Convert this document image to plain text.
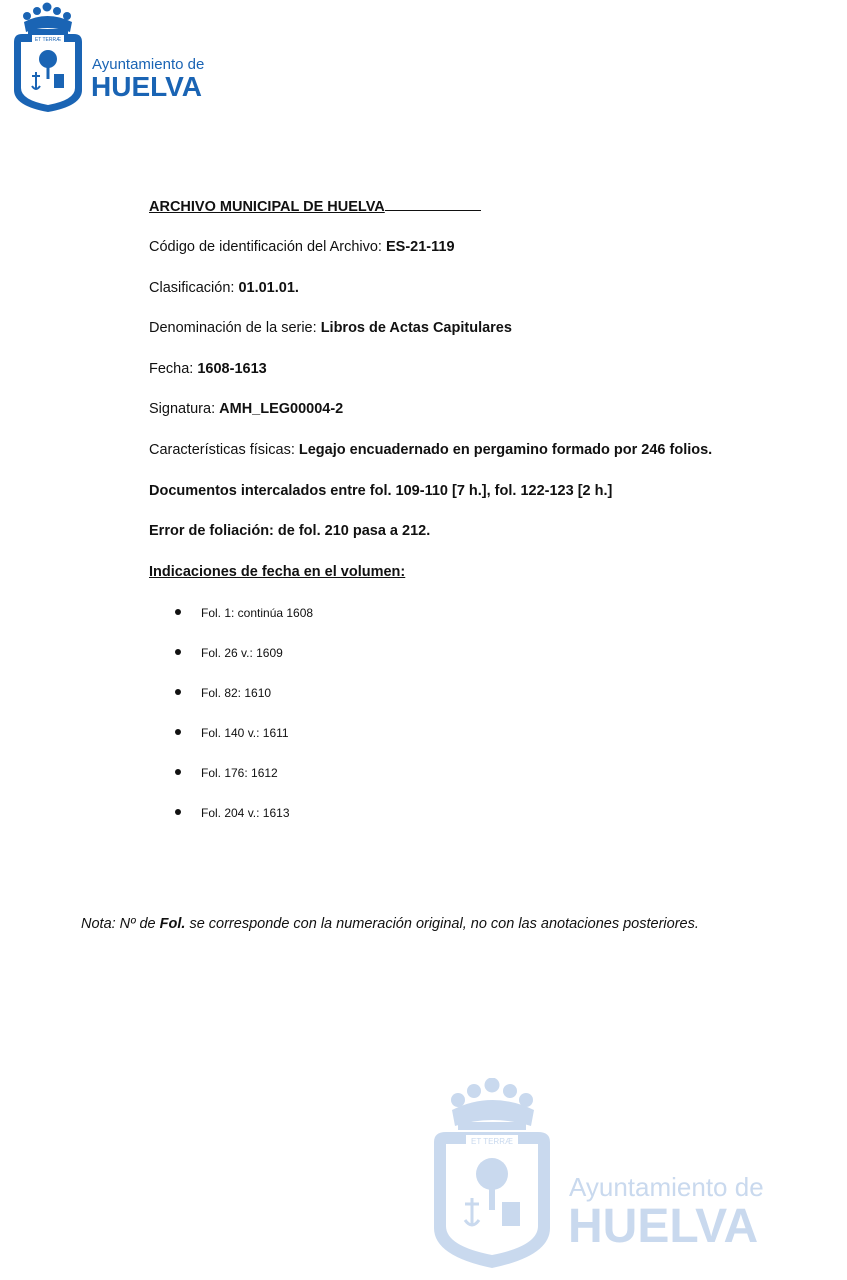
ET TERRÆ
Ayuntamiento de
HUELVA
ARCHIVO MUNICIPAL DE HUELVA
Código de identificación del Archivo: ES-21-119
Clasificación: 01.01.01.
Denominación de la serie: Libros de Actas Capitulares
Fecha: 1608-1613
Signatura: AMH_LEG00004-2
Características físicas: Legajo encuadernado en pergamino formado por 246 folios.
Documentos intercalados entre fol. 109-110 [7 h.], fol. 122-123 [2 h.]
Error de foliación: de fol. 210 pasa a 212.
Indicaciones de fecha en el volumen:
Fol. 1: continúa 1608
Fol. 26 v.: 1609
Fol. 82: 1610
Fol. 140 v.: 1611
Fol. 176: 1612
Fol. 204 v.: 1613
Nota: Nº de Fol. se corresponde con la numeración original, no con las anotaciones posteriores.
ET TERRÆ
Ayuntamiento de
HUELVA
